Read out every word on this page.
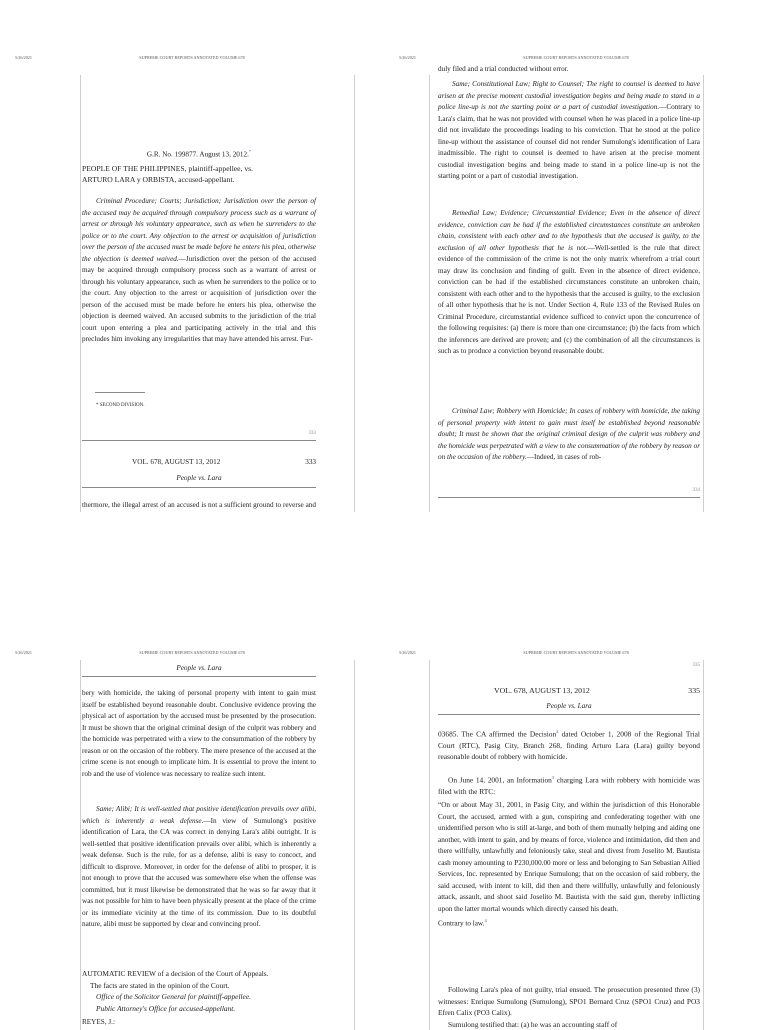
5/26/2021	SUPREME COURT REPORTS ANNOTATED VOLUME 678
G.R. No. 199877. August 13, 2012.*
PEOPLE OF THE PHILIPPINES, plaintiff-appellee, vs.
ARTURO LARA y ORBISTA, accused-appellant.
Criminal Procedure; Courts; Jurisdiction; Jurisdiction over the person of the accused may be acquired through compulsory process such as a warrant of arrest or through his voluntary appearance, such as when he surrenders to the police or to the court. Any objection to the arrest or acquisition of jurisdiction over the person of the accused must be made before he enters his plea, otherwise the objection is deemed waived.—Jurisdiction over the person of the accused may be acquired through compulsory process such as a warrant of arrest or through his voluntary appearance, such as when he surrenders to the police or to the court. Any objection to the arrest or acquisition of jurisdiction over the person of the accused must be made before he enters his plea, otherwise the objection is deemed waived. An accused submits to the jurisdiction of the trial court upon entering a plea and participating actively in the trial and this precludes him invoking any irregularities that may have attended his arrest. Fur-
* SECOND DIVISION.
333
VOL. 678, AUGUST 13, 2012	333
People vs. Lara
thermore, the illegal arrest of an accused is not a sufficient ground to reverse and
5/26/2021	SUPREME COURT REPORTS ANNOTATED VOLUME 678
duly filed and a trial conducted without error.
Same; Constitutional Law; Right to Counsel; The right to counsel is deemed to have arisen at the precise moment custodial investigation begins and being made to stand in a police line-up is not the starting point or a part of custodial investigation.—Contrary to Lara's claim, that he was not provided with counsel when he was placed in a police line-up did not invalidate the proceedings leading to his conviction. That he stood at the police line-up without the assistance of counsel did not render Sumulong's identification of Lara inadmissible. The right to counsel is deemed to have arisen at the precise moment custodial investigation begins and being made to stand in a police line-up is not the starting point or a part of custodial investigation.
Remedial Law; Evidence; Circumstantial Evidence; Even in the absence of direct evidence, conviction can be had if the established circumstances constitute an unbroken chain, consistent with each other and to the hypothesis that the accused is guilty, to the exclusion of all other hypothesis that he is not.—Well-settled is the rule that direct evidence of the commission of the crime is not the only matrix wherefrom a trial court may draw its conclusion and finding of guilt. Even in the absence of direct evidence, conviction can be had if the established circumstances constitute an unbroken chain, consistent with each other and to the hypothesis that the accused is guilty, to the exclusion of all other hypothesis that he is not. Under Section 4, Rule 133 of the Revised Rules on Criminal Procedure, circumstantial evidence sufficed to convict upon the concurrence of the following requisites: (a) there is more than one circumstance; (b) the facts from which the inferences are derived are proven; and (c) the combination of all the circumstances is such as to produce a conviction beyond reasonable doubt.
Criminal Law; Robbery with Homicide; In cases of robbery with homicide, the taking of personal property with intent to gain must itself be established beyond reasonable doubt; It must be shown that the original criminal design of the culprit was robbery and the homicide was perpetrated with a view to the consummation of the robbery by reason or on the occasion of the robbery.—Indeed, in cases of rob-
334
5/26/2021	SUPREME COURT REPORTS ANNOTATED VOLUME 678
People vs. Lara
bery with homicide, the taking of personal property with intent to gain must itself be established beyond reasonable doubt. Conclusive evidence proving the physical act of asportation by the accused must be presented by the prosecution. It must be shown that the original criminal design of the culprit was robbery and the homicide was perpetrated with a view to the consummation of the robbery by reason or on the occasion of the robbery. The mere presence of the accused at the crime scene is not enough to implicate him. It is essential to prove the intent to rob and the use of violence was necessary to realize such intent.
Same; Alibi; It is well-settled that positive identification prevails over alibi, which is inherently a weak defense.—In view of Sumulong's positive identification of Lara, the CA was correct in denying Lara's alibi outright. It is well-settled that positive identification prevails over alibi, which is inherently a weak defense. Such is the rule, for as a defense, alibi is easy to concoct, and difficult to disprove. Moreover, in order for the defense of alibi to prosper, it is not enough to prove that the accused was somewhere else when the offense was committed, but it must likewise be demonstrated that he was so far away that it was not possible for him to have been physically present at the place of the crime or its immediate vicinity at the time of its commission. Due to its doubtful nature, alibi must be supported by clear and convincing proof.
AUTOMATIC REVIEW of a decision of the Court of Appeals.
The facts are stated in the opinion of the Court.
Office of the Solicitor General for plaintiff-appellee.
Public Attorney's Office for accused-appellant.
REYES, J.:
5/26/2021	SUPREME COURT REPORTS ANNOTATED VOLUME 678
335
VOL. 678, AUGUST 13, 2012	335
People vs. Lara
03685. The CA affirmed the Decision$^2$ dated October 1, 2008 of the Regional Trial Court (RTC), Pasig City, Branch 268, finding Arturo Lara (Lara) guilty beyond reasonable doubt of robbery with homicide.
On June 14, 2001, an Information$^3$ charging Lara with robbery with homicide was filed with the RTC:
“On or about May 31, 2001, in Pasig City, and within the jurisdiction of this Honorable Court, the accused, armed with a gun, conspiring and confederating together with one unidentified person who is still at-large, and both of them mutually helping and aiding one another, with intent to gain, and by means of force, violence and intimidation, did then and there willfully, unlawfully and feloniously take, steal and divest from Joselito M. Bautista cash money amounting to P230,000.00 more or less and belonging to San Sebastian Allied Services, Inc. represented by Enrique Sumulong; that on the occasion of said robbery, the said accused, with intent to kill, did then and there willfully, unlawfully and feloniously attack, assault, and shoot said Joselito M. Bautista with the said gun, thereby inflicting upon the latter mortal wounds which directly caused his death.
Contrary to law.$^4$
Following Lara's plea of not guilty, trial ensued. The prosecution presented three (3) witnesses: Enrique Sumulong (Sumulong), SPO1 Bernard Cruz (SPO1 Cruz) and PO3 Efren Calix (PO3 Calix).
Sumulong testified that: (a) he was an accounting staff of
